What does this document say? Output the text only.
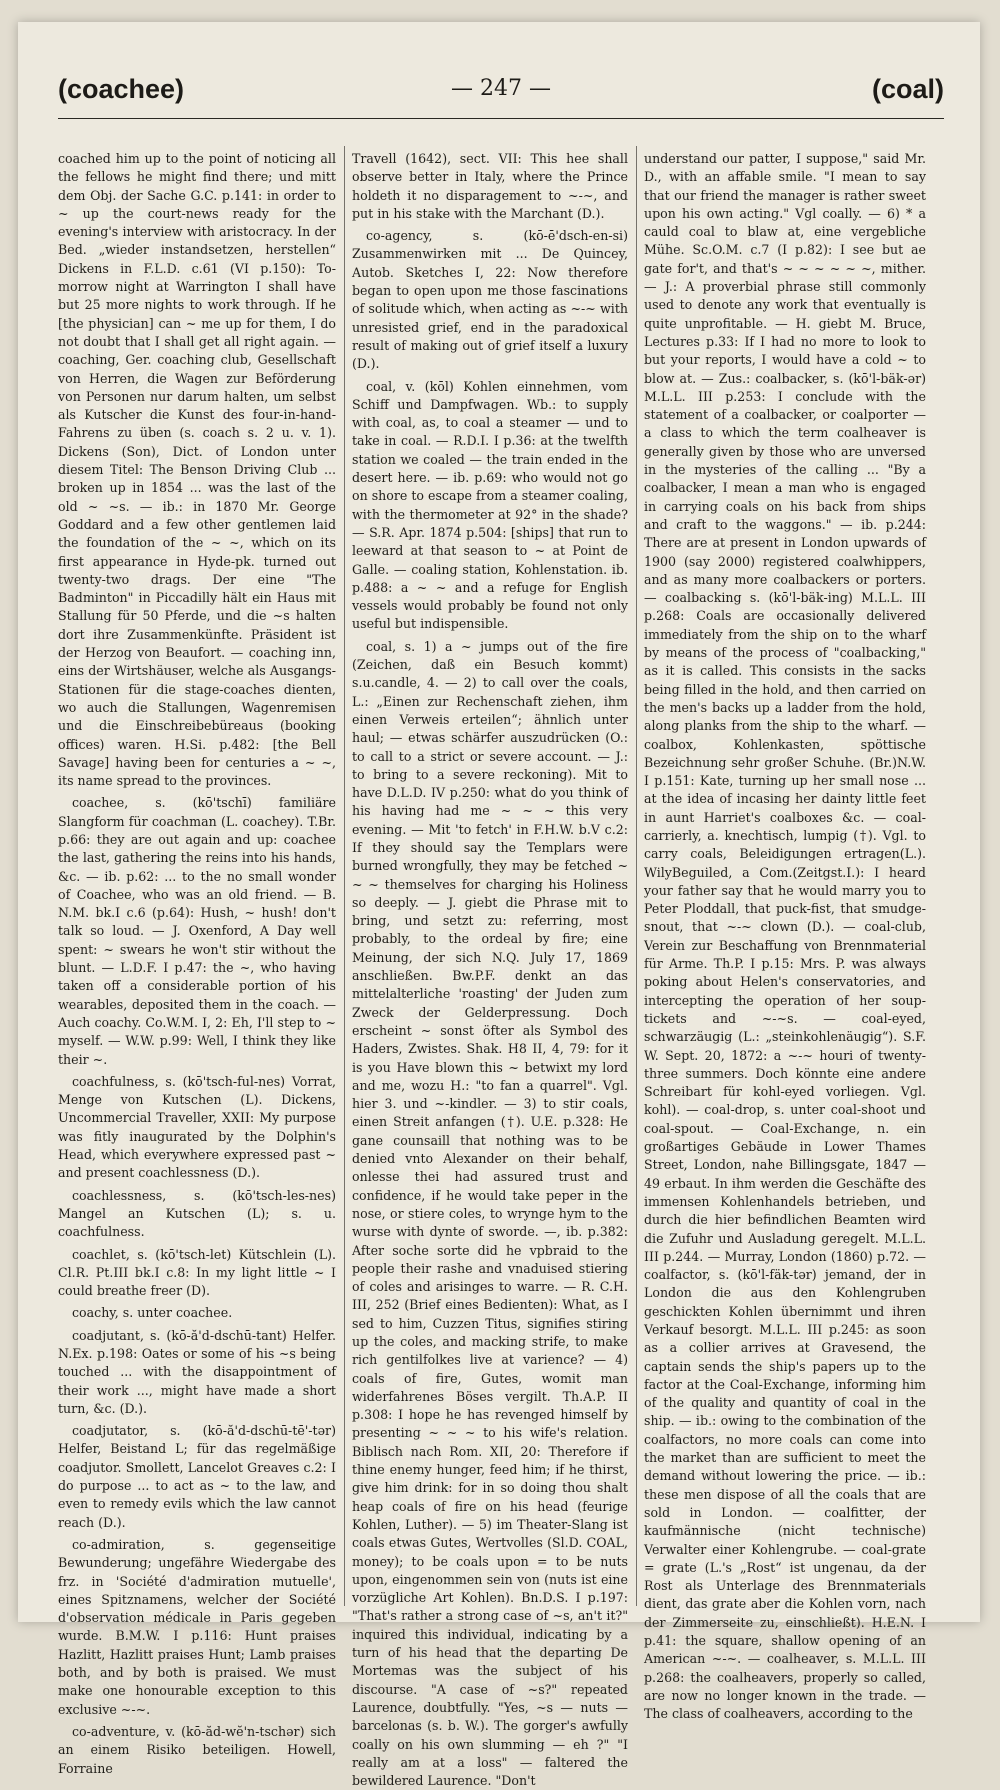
(coachee)	— 247 —	(coal)

coached him up to the point of noticing all the fellows he might find there; und mitt dem Obj. der Sache G.C. p.141: in order to ~ up the court-news ready for the evening's interview with aristocracy. In der Bed. „wieder instandsetzen, herstellen“ Dickens in F.L.D. c.61 (VI p.150): To-morrow night at Warrington I shall have but 25 more nights to work through. If he [the physician] can ~ me up for them, I do not doubt that I shall get all right again. — coaching, Ger. coaching club, Gesellschaft von Herren, die Wagen zur Beförderung von Personen nur darum halten, um selbst als Kutscher die Kunst des four-in-hand-Fahrens zu üben (s. coach s. 2 u. v. 1). Dickens (Son), Dict. of London unter diesem Titel: The Benson Driving Club ... broken up in 1854 ... was the last of the old ~ ~s. — ib.: in 1870 Mr. George Goddard and a few other gentlemen laid the foundation of the ~ ~, which on its first appearance in Hyde-pk. turned out twenty-two drags. Der eine "The Badminton" in Piccadilly hält ein Haus mit Stallung für 50 Pferde, und die ~s halten dort ihre Zusammenkünfte. Präsident ist der Herzog von Beaufort. — coaching inn, eins der Wirtshäuser, welche als Ausgangs-Stationen für die stage-coaches dienten, wo auch die Stallungen, Wagenremisen und die Einschreibebüreaus (booking offices) waren. H.Si. p.482: [the Bell Savage] having been for centuries a ~ ~, its name spread to the provinces.

coachee, s. (kō'tschī) familiäre Slangform für coachman (L. coachey). T.Br. p.66: they are out again and up: coachee the last, gathering the reins into his hands, &c. — ib. p.62: ... to the no small wonder of Coachee, who was an old friend. — B. N.M. bk.I c.6 (p.64): Hush, ~ hush! don't talk so loud. — J. Oxenford, A Day well spent: ~ swears he won't stir without the blunt. — L.D.F. I p.47: the ~, who having taken off a considerable portion of his wearables, deposited them in the coach. — Auch coachy. Co.W.M. I, 2: Eh, I'll step to ~ myself. — W.W. p.99: Well, I think they like their ~.

coachfulness, s. (kō'tsch-ful-nes) Vorrat, Menge von Kutschen (L). Dickens, Uncommercial Traveller, XXII: My purpose was fitly inaugurated by the Dolphin's Head, which everywhere expressed past ~ and present coachlessness (D.).

coachlessness, s. (kō'tsch-les-nes) Mangel an Kutschen (L); s. u. coachfulness.

coachlet, s. (kō'tsch-let) Kütschlein (L). Cl.R. Pt.III bk.I c.8: In my light little ~ I could breathe freer (D).

coachy, s. unter coachee.

coadjutant, s. (kō-ă'd-dschū-tant) Helfer. N.Ex. p.198: Oates or some of his ~s being touched ... with the disappointment of their work ..., might have made a short turn, &c. (D.).

coadjutator, s. (kō-ă'd-dschū-tē'-tər) Helfer, Beistand L; für das regelmäßige coadjutor. Smollett, Lancelot Greaves c.2: I do purpose ... to act as ~ to the law, and even to remedy evils which the law cannot reach (D.).

co-admiration, s. gegenseitige Bewunderung; ungefähre Wiedergabe des frz. in 'Société d'admiration mutuelle', eines Spitznamens, welcher der Société d'observation médicale in Paris gegeben wurde. B.M.W. I p.116: Hunt praises Hazlitt, Hazlitt praises Hunt; Lamb praises both, and by both is praised. We must make one honourable exception to this exclusive ~-~.

co-adventure, v. (kō-ăd-wĕ'n-tschər) sich an einem Risiko beteiligen. Howell, Forraine

Travell (1642), sect. VII: This hee shall observe better in Italy, where the Prince holdeth it no disparagement to ~-~, and put in his stake with the Marchant (D.).

co-agency, s. (kō-ē'dsch-en-si) Zusammenwirken mit ... De Quincey, Autob. Sketches I, 22: Now therefore began to open upon me those fascinations of solitude which, when acting as ~-~ with unresisted grief, end in the paradoxical result of making out of grief itself a luxury (D.).

coal, v. (kōl) Kohlen einnehmen, vom Schiff und Dampfwagen. Wb.: to supply with coal, as, to coal a steamer — und to take in coal. — R.D.I. I p.36: at the twelfth station we coaled — the train ended in the desert here. — ib. p.69: who would not go on shore to escape from a steamer coaling, with the thermometer at 92° in the shade? — S.R. Apr. 1874 p.504: [ships] that run to leeward at that season to ~ at Point de Galle. — coaling station, Kohlenstation. ib. p.488: a ~ ~ and a refuge for English vessels would probably be found not only useful but indispensible.

coal, s. 1) a ~ jumps out of the fire (Zeichen, daß ein Besuch kommt) s.u.candle, 4. — 2) to call over the coals, L.: „Einen zur Rechenschaft ziehen, ihm einen Verweis erteilen“; ähnlich unter haul; — etwas schärfer auszudrücken (O.: to call to a strict or severe account. — J.: to bring to a severe reckoning). Mit to have D.L.D. IV p.250: what do you think of his having had me ~ ~ ~ this very evening. — Mit 'to fetch' in F.H.W. b.V c.2: If they should say the Templars were burned wrongfully, they may be fetched ~ ~ ~ themselves for charging his Holiness so deeply. — J. giebt die Phrase mit to bring, und setzt zu: referring, most probably, to the ordeal by fire; eine Meinung, der sich N.Q. July 17, 1869 anschließen. Bw.P.F. denkt an das mittelalterliche 'roasting' der Juden zum Zweck der Gelderpressung. Doch erscheint ~ sonst öfter als Symbol des Haders, Zwistes. Shak. H8 II, 4, 79: for it is you Have blown this ~ betwixt my lord and me, wozu H.: "to fan a quarrel". Vgl. hier 3. und ~-kindler. — 3) to stir coals, einen Streit anfangen (†). U.E. p.328: He gane counsaill that nothing was to be denied vnto Alexander on their behalf, onlesse thei had assured trust and confidence, if he would take peper in the nose, or stiere coles, to wrynge hym to the wurse with dynte of sworde. —, ib. p.382: After soche sorte did he vpbraid to the people their rashe and vnaduised stiering of coles and arisinges to warre. — R. C.H. III, 252 (Brief eines Bedienten): What, as I sed to him, Cuzzen Titus, signifies stiring up the coles, and macking strife, to make rich gentilfolkes live at varience? — 4) coals of fire, Gutes, womit man widerfahrenes Böses vergilt. Th.A.P. II p.308: I hope he has revenged himself by presenting ~ ~ ~ to his wife's relation. Biblisch nach Rom. XII, 20: Therefore if thine enemy hunger, feed him; if he thirst, give him drink: for in so doing thou shalt heap coals of fire on his head (feurige Kohlen, Luther). — 5) im Theater-Slang ist coals etwas Gutes, Wertvolles (Sl.D. COAL, money); to be coals upon = to be nuts upon, eingenommen sein von (nuts ist eine vorzügliche Art Kohlen). Bn.D.S. I p.197: "That's rather a strong case of ~s, an't it?" inquired this individual, indicating by a turn of his head that the departing De Mortemas was the subject of his discourse. "A case of ~s?" repeated Laurence, doubtfully. "Yes, ~s — nuts — barcelonas (s. b. W.). The gorger's awfully coally on his own slumming — eh ?" "I really am at a loss" — faltered the bewildered Laurence. "Don't

understand our patter, I suppose," said Mr. D., with an affable smile. "I mean to say that our friend the manager is rather sweet upon his own acting." Vgl coally. — 6) * a cauld coal to blaw at, eine vergebliche Mühe. Sc.O.M. c.7 (I p.82): I see but ae gate for't, and that's ~ ~ ~ ~ ~ ~, mither. — J.: A proverbial phrase still commonly used to denote any work that eventually is quite unprofitable. — H. giebt M. Bruce, Lectures p.33: If I had no more to look to but your reports, I would have a cold ~ to blow at. — Zus.: coalbacker, s. (kō'l-bäk-ər) M.L.L. III p.253: I conclude with the statement of a coalbacker, or coalporter — a class to which the term coalheaver is generally given by those who are unversed in the mysteries of the calling ... "By a coalbacker, I mean a man who is engaged in carrying coals on his back from ships and craft to the waggons." — ib. p.244: There are at present in London upwards of 1900 (say 2000) registered coalwhippers, and as many more coalbackers or porters. — coalbacking s. (kō'l-bäk-ing) M.L.L. III p.268: Coals are occasionally delivered immediately from the ship on to the wharf by means of the process of "coalbacking," as it is called. This consists in the sacks being filled in the hold, and then carried on the men's backs up a ladder from the hold, along planks from the ship to the wharf. — coalbox, Kohlenkasten, spöttische Bezeichnung sehr großer Schuhe. (Br.)N.W. I p.151: Kate, turning up her small nose ... at the idea of incasing her dainty little feet in aunt Harriet's coalboxes &c. — coal-carrierly, a. knechtisch, lumpig (†). Vgl. to carry coals, Beleidigungen ertragen(L.). WilyBeguiled, a Com.(Zeitgst.I.): I heard your father say that he would marry you to Peter Ploddall, that puck-fist, that smudge-snout, that ~-~ clown (D.). — coal-club, Verein zur Beschaffung von Brennmaterial für Arme. Th.P. I p.15: Mrs. P. was always poking about Helen's conservatories, and intercepting the operation of her soup-tickets and ~-~s. — coal-eyed, schwarzäugig (L.: „steinkohlenäugig“). S.F. W. Sept. 20, 1872: a ~-~ houri of twenty-three summers. Doch könnte eine andere Schreibart für kohl-eyed vorliegen. Vgl. kohl). — coal-drop, s. unter coal-shoot und coal-spout. — Coal-Exchange, n. ein großartiges Gebäude in Lower Thames Street, London, nahe Billingsgate, 1847 — 49 erbaut. In ihm werden die Geschäfte des immensen Kohlenhandels betrieben, und durch die hier befindlichen Beamten wird die Zufuhr und Ausladung geregelt. M.L.L. III p.244. — Murray, London (1860) p.72. — coalfactor, s. (kō'l-fäk-tər) jemand, der in London die aus den Kohlengruben geschickten Kohlen übernimmt und ihren Verkauf besorgt. M.L.L. III p.245: as soon as a collier arrives at Gravesend, the captain sends the ship's papers up to the factor at the Coal-Exchange, informing him of the quality and quantity of coal in the ship. — ib.: owing to the combination of the coalfactors, no more coals can come into the market than are sufficient to meet the demand without lowering the price. — ib.: these men dispose of all the coals that are sold in London. — coalfitter, der kaufmännische (nicht technische) Verwalter einer Kohlengrube. — coal-grate = grate (L.'s „Rost“ ist ungenau, da der Rost als Unterlage des Brennmaterials dient, das grate aber die Kohlen vorn, nach der Zimmerseite zu, einschließt). H.E.N. I p.41: the square, shallow opening of an American ~-~. — coalheaver, s. M.L.L. III p.268: the coalheavers, properly so called, are now no longer known in the trade. — The class of coalheavers, according to the
